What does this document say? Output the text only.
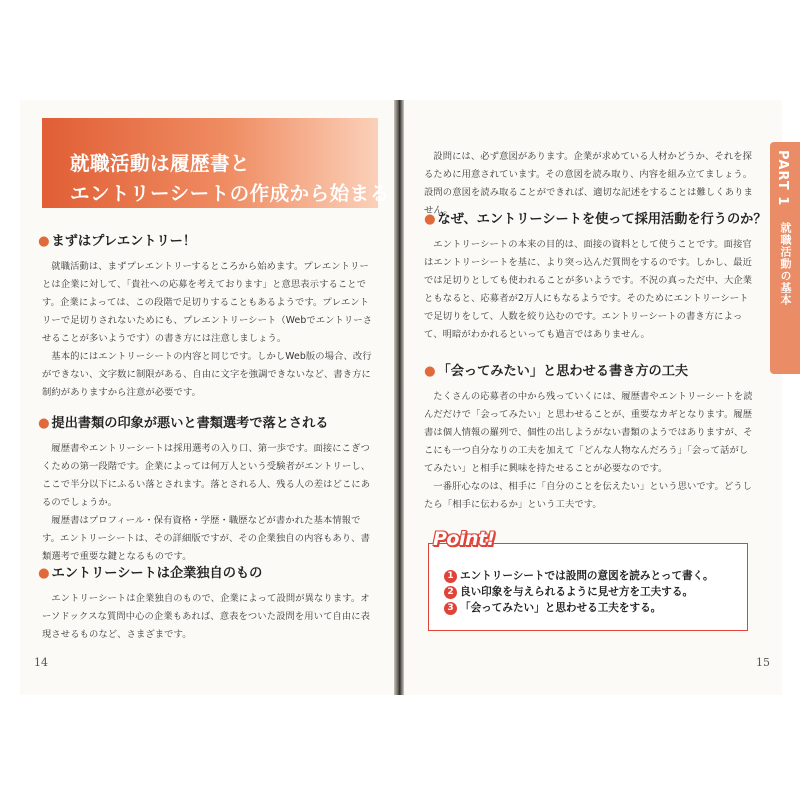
就職活動は履歴書と
エントリーシートの作成から始まる
● まずはプレエントリー！

就職活動は、まずプレエントリーするところから始めます。プレエントリーとは企業に対して、「貴社への応募を考えております」と意思表示することです。企業によっては、この段階で足切りすることもあるようです。プレエントリーで足切りされないためにも、プレエントリーシート（Webでエントリーさせることが多いようです）の書き方には注意しましょう。

基本的にはエントリーシートの内容と同じです。しかしWeb版の場合、改行ができない、文字数に制限がある、自由に文字を強調できないなど、書き方に制約がありますから注意が必要です。

● 提出書類の印象が悪いと書類選考で落とされる

履歴書やエントリーシートは採用選考の入り口、第一歩です。面接にこぎつくための第一段階です。企業によっては何万人という受験者がエントリーし、ここで半分以下にふるい落とされます。落とされる人、残る人の差はどこにあるのでしょうか。

履歴書はプロフィール・保有資格・学歴・職歴などが書かれた基本情報です。エントリーシートは、その詳細版ですが、その企業独自の内容もあり、書類選考で重要な鍵となるものです。

● エントリーシートは企業独自のもの

エントリーシートは企業独自のもので、企業によって設問が異なります。オーソドックスな質問中心の企業もあれば、意表をついた設問を用いて自由に表現させるものなど、さまざまです。

14

設問には、必ず意図があります。企業が求めている人材かどうか、それを探るために用意されています。その意図を読み取り、内容を組み立てましょう。設問の意図を読み取ることができれば、適切な記述をすることは難しくありません。

● なぜ、エントリーシートを使って採用活動を行うのか？

エントリーシートの本来の目的は、面接の資料として使うことです。面接官はエントリーシートを基に、より突っ込んだ質問をするのです。しかし、最近では足切りとしても使われることが多いようです。不況の真っただ中、大企業ともなると、応募者が2万人にもなるようです。そのためにエントリーシートで足切りをして、人数を絞り込むのです。エントリーシートの書き方によって、明暗がわかれるといっても過言ではありません。

● 「会ってみたい」と思わせる書き方の工夫

たくさんの応募者の中から残っていくには、履歴書やエントリーシートを読んだだけで「会ってみたい」と思わせることが、重要なカギとなります。履歴書は個人情報の羅列で、個性の出しようがない書類のようではありますが、そこにも一つ自分なりの工夫を加えて「どんな人物なんだろう」「会って話がしてみたい」と相手に興味を持たせることが必要なのです。

一番肝心なのは、相手に「自分のことを伝えたい」という思いです。どうしたら「相手に伝わるか」という工夫です。

Point!
1 エントリーシートでは設問の意図を読みとって書く。
2 良い印象を与えられるように見せ方を工夫する。
3 「会ってみたい」と思わせる工夫をする。
PART 1
就職活動の基本
15
